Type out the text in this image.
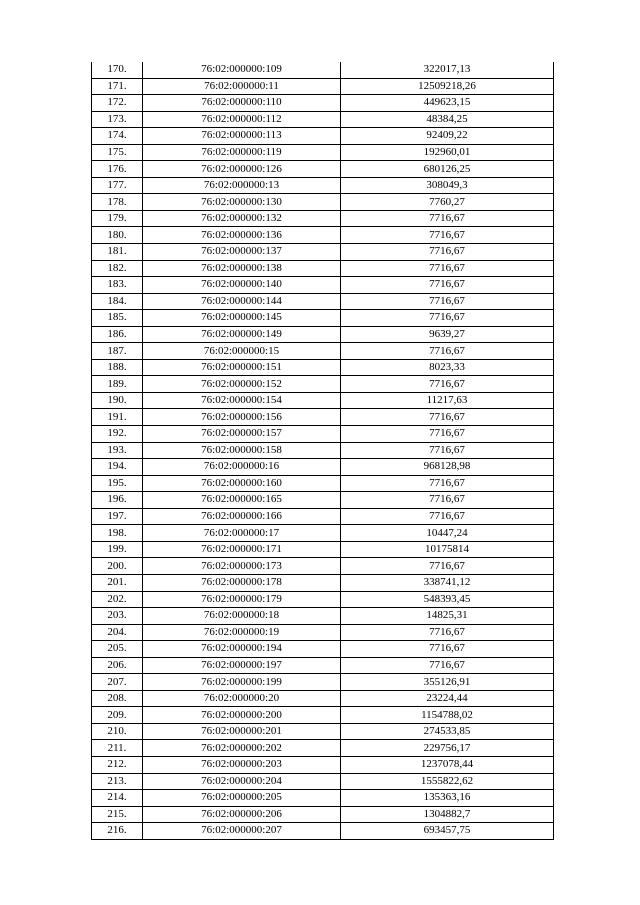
170.	76:02:000000:109	322017,13
171.	76:02:000000:11	12509218,26
172.	76:02:000000:110	449623,15
173.	76:02:000000:112	48384,25
174.	76:02:000000:113	92409,22
175.	76:02:000000:119	192960,01
176.	76:02:000000:126	680126,25
177.	76:02:000000:13	308049,3
178.	76:02:000000:130	7760,27
179.	76:02:000000:132	7716,67
180.	76:02:000000:136	7716,67
181.	76:02:000000:137	7716,67
182.	76:02:000000:138	7716,67
183.	76:02:000000:140	7716,67
184.	76:02:000000:144	7716,67
185.	76:02:000000:145	7716,67
186.	76:02:000000:149	9639,27
187.	76:02:000000:15	7716,67
188.	76:02:000000:151	8023,33
189.	76:02:000000:152	7716,67
190.	76:02:000000:154	11217,63
191.	76:02:000000:156	7716,67
192.	76:02:000000:157	7716,67
193.	76:02:000000:158	7716,67
194.	76:02:000000:16	968128,98
195.	76:02:000000:160	7716,67
196.	76:02:000000:165	7716,67
197.	76:02:000000:166	7716,67
198.	76:02:000000:17	10447,24
199.	76:02:000000:171	10175814
200.	76:02:000000:173	7716,67
201.	76:02:000000:178	338741,12
202.	76:02:000000:179	548393,45
203.	76:02:000000:18	14825,31
204.	76:02:000000:19	7716,67
205.	76:02:000000:194	7716,67
206.	76:02:000000:197	7716,67
207.	76:02:000000:199	355126,91
208.	76:02:000000:20	23224,44
209.	76:02:000000:200	1154788,02
210.	76:02:000000:201	274533,85
211.	76:02:000000:202	229756,17
212.	76:02:000000:203	1237078,44
213.	76:02:000000:204	1555822,62
214.	76:02:000000:205	135363,16
215.	76:02:000000:206	1304882,7
216.	76:02:000000:207	693457,75
